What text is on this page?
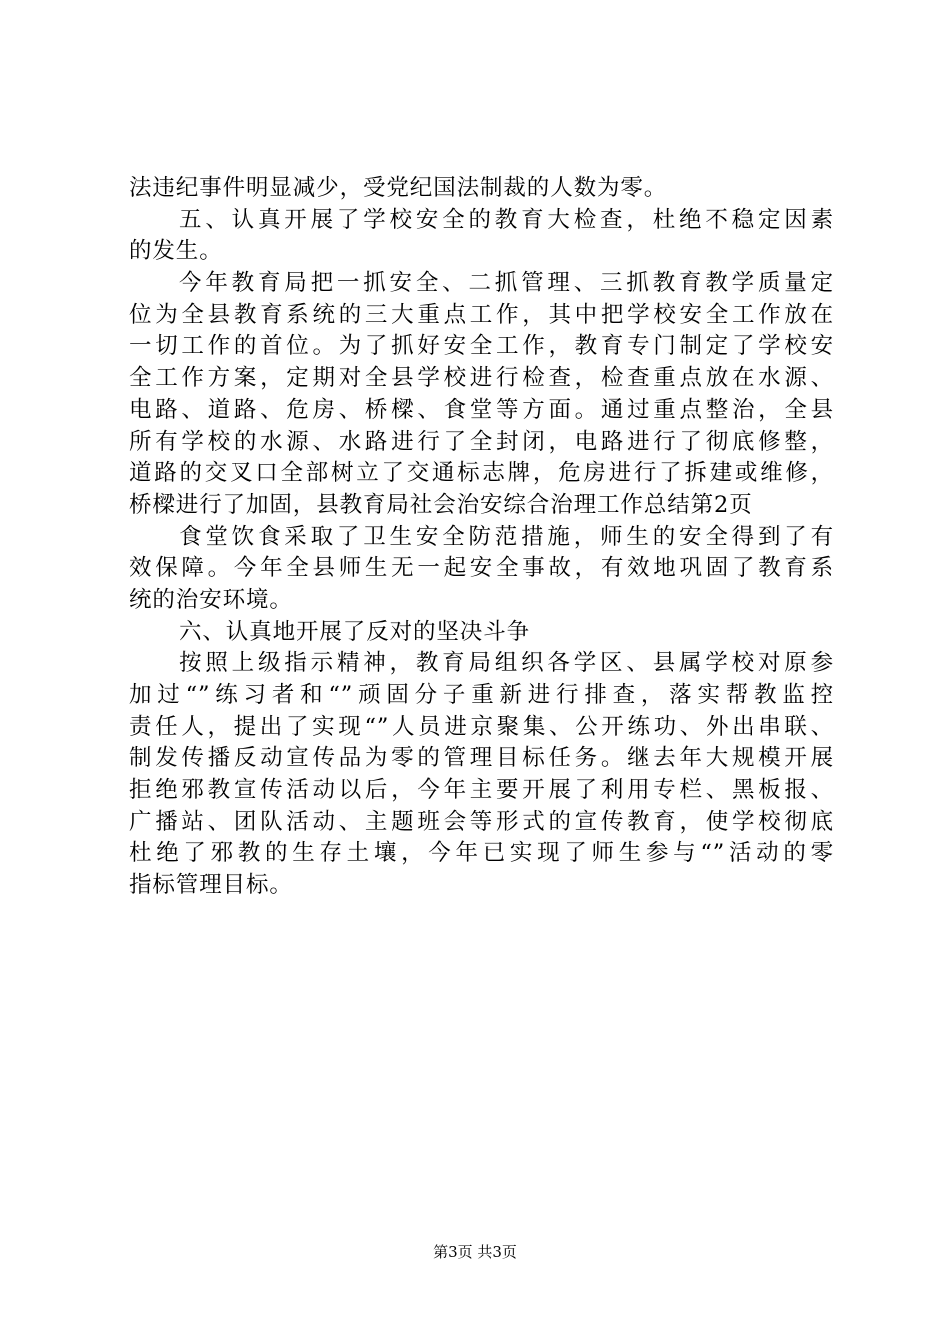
法违纪事件明显减少，受党纪国法制裁的人数为零。
五、认真开展了学校安全的教育大检查，杜绝不稳定因素
的发生。
今年教育局把一抓安全、二抓管理、三抓教育教学质量定
位为全县教育系统的三大重点工作，其中把学校安全工作放在
一切工作的首位。为了抓好安全工作，教育专门制定了学校安
全工作方案，定期对全县学校进行检查，检查重点放在水源、
电路、道路、危房、桥樑、食堂等方面。通过重点整治，全县
所有学校的水源、水路进行了全封闭，电路进行了彻底修整，
道路的交叉口全部树立了交通标志牌，危房进行了拆建或维修，
桥樑进行了加固，县教育局社会治安综合治理工作总结第2页
食堂饮食采取了卫生安全防范措施，师生的安全得到了有
效保障。今年全县师生无一起安全事故，有效地巩固了教育系
统的治安环境。
六、认真地开展了反对的坚决斗争
按照上级指示精神，教育局组织各学区、县属学校对原参
加过“”练习者和“”顽固分子重新进行排查，落实帮教监控
责任人，提出了实现“”人员进京聚集、公开练功、外出串联、
制发传播反动宣传品为零的管理目标任务。继去年大规模开展
拒绝邪教宣传活动以后，今年主要开展了利用专栏、黑板报、
广播站、团队活动、主题班会等形式的宣传教育，使学校彻底
杜绝了邪教的生存土壤，今年已实现了师生参与“”活动的零
指标管理目标。
第3页 共3页
